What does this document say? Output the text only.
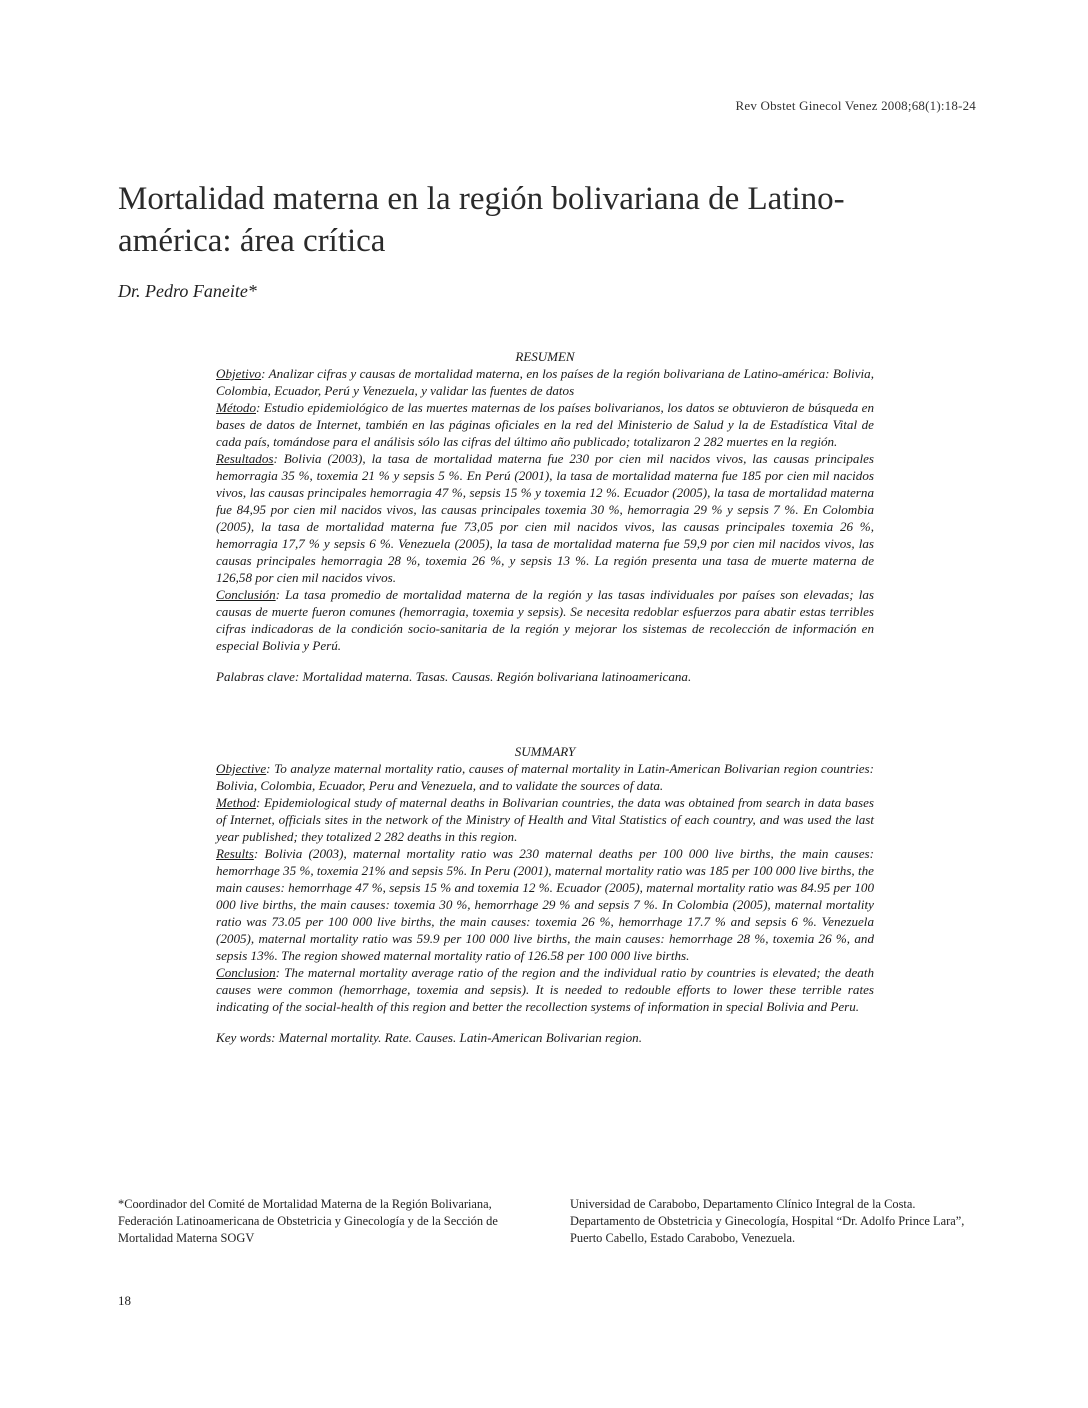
Rev Obstet Ginecol Venez 2008;68(1):18-24
Mortalidad materna en la región bolivariana de Latino-
américa: área crítica
Dr. Pedro Faneite*

RESUMEN

Objetivo: Analizar cifras y causas de mortalidad materna, en los países de la región bolivariana de Latino-américa: Bolivia, Colombia, Ecuador, Perú y Venezuela, y validar las fuentes de datos

Método: Estudio epidemiológico de las muertes maternas de los países bolivarianos, los datos se obtuvieron de búsqueda en bases de datos de Internet, también en las páginas oficiales en la red del Ministerio de Salud y la de Estadística Vital de cada país, tomándose para el análisis sólo las cifras del último año publicado; totalizaron 2 282 muertes en la región.

Resultados: Bolivia (2003), la tasa de mortalidad materna fue 230 por cien mil nacidos vivos, las causas principales hemorragia 35 %, toxemia 21 % y sepsis 5 %. En Perú (2001), la tasa de mortalidad materna fue 185 por cien mil nacidos vivos, las causas principales hemorragia 47 %, sepsis 15 % y toxemia 12 %. Ecuador (2005), la tasa de mortalidad materna fue 84,95 por cien mil nacidos vivos, las causas principales toxemia 30 %, hemorragia 29 % y sepsis 7 %. En Colombia (2005), la tasa de mortalidad materna fue 73,05 por cien mil nacidos vivos, las causas principales toxemia 26 %, hemorragia 17,7 % y sepsis 6 %. Venezuela (2005), la tasa de mortalidad materna fue 59,9 por cien mil nacidos vivos, las causas principales hemorragia 28 %, toxemia 26 %, y sepsis 13 %. La región presenta una tasa de muerte materna de 126,58 por cien mil nacidos vivos.

Conclusión: La tasa promedio de mortalidad materna de la región y las tasas individuales por países son elevadas; las causas de muerte fueron comunes (hemorragia, toxemia y sepsis). Se necesita redoblar esfuerzos para abatir estas terribles cifras indicadoras de la condición socio-sanitaria de la región y mejorar los sistemas de recolección de información en especial Bolivia y Perú.

Palabras clave: Mortalidad materna. Tasas. Causas. Región bolivariana latinoamericana.

SUMMARY

Objective: To analyze maternal mortality ratio, causes of maternal mortality in Latin-American Bolivarian region countries: Bolivia, Colombia, Ecuador, Peru and Venezuela, and to validate the sources of data.

Method: Epidemiological study of maternal deaths in Bolivarian countries, the data was obtained from search in data bases of Internet, officials sites in the network of the Ministry of Health and Vital Statistics of each country, and was used the last year published; they totalized 2 282 deaths in this region.

Results: Bolivia (2003), maternal mortality ratio was 230 maternal deaths per 100 000 live births, the main causes: hemorrhage 35 %, toxemia 21% and sepsis 5%. In Peru (2001), maternal mortality ratio was 185 per 100 000 live births, the main causes: hemorrhage 47 %, sepsis 15 % and toxemia 12 %. Ecuador (2005), maternal mortality ratio was 84.95 per 100 000 live births, the main causes: toxemia 30 %, hemorrhage 29 % and sepsis 7 %. In Colombia (2005), maternal mortality ratio was 73.05 per 100 000 live births, the main causes: toxemia 26 %, hemorrhage 17.7 % and sepsis 6 %. Venezuela (2005), maternal mortality ratio was 59.9 per 100 000 live births, the main causes: hemorrhage 28 %, toxemia 26 %, and sepsis 13%. The region showed maternal mortality ratio of 126.58 per 100 000 live births.

Conclusion: The maternal mortality average ratio of the region and the individual ratio by countries is elevated; the death causes were common (hemorrhage, toxemia and sepsis). It is needed to redouble efforts to lower these terrible rates indicating of the social-health of this region and better the recollection systems of information in special Bolivia and Peru.

Key words: Maternal mortality. Rate. Causes. Latin-American Bolivarian region.

*Coordinador del Comité de Mortalidad Materna de la Región Bolivariana, Federación Latinoamericana de Obstetricia y Ginecología y de la Sección de Mortalidad Materna SOGV
Universidad de Carabobo, Departamento Clínico Integral de la Costa. Departamento de Obstetricia y Ginecología, Hospital “Dr. Adolfo Prince Lara”, Puerto Cabello, Estado Carabobo, Venezuela.
18
